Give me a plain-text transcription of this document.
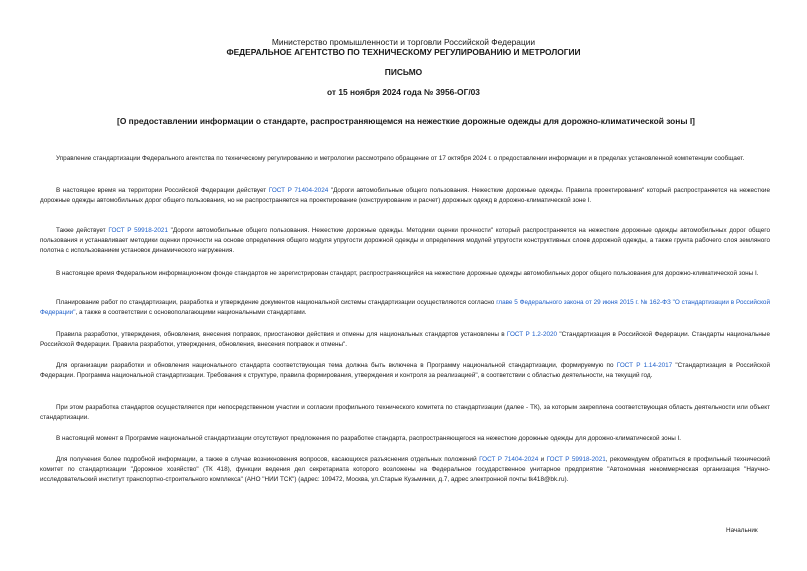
Министерство промышленности и торговли Российской Федерации
ФЕДЕРАЛЬНОЕ АГЕНТСТВО ПО ТЕХНИЧЕСКОМУ РЕГУЛИРОВАНИЮ И МЕТРОЛОГИИ
ПИСЬМО
от 15 ноября 2024 года № 3956-ОГ/03
[О предоставлении информации о стандарте, распространяющемся на нежесткие дорожные одежды для дорожно-климатической зоны I]
Управление стандартизации Федерального агентства по техническому регулированию и метрологии рассмотрело обращение от 17 октября 2024 г. о предоставлении информации и в пределах установленной компетенции сообщает.
В настоящее время на территории Российской Федерации действует ГОСТ Р 71404-2024 "Дороги автомобильные общего пользования. Нежесткие дорожные одежды. Правила проектирования" который распространяется на нежесткие дорожные одежды автомобильных дорог общего пользования, но не распространяется на проектирование (конструирование и расчет) дорожных одежд в дорожно-климатической зоне I.
Также действует ГОСТ Р 59918-2021 "Дороги автомобильные общего пользования. Нежесткие дорожные одежды. Методики оценки прочности" который распространяется на нежесткие дорожные одежды автомобильных дорог общего пользования и устанавливает методики оценки прочности на основе определения общего модуля упругости дорожной одежды и определения модулей упругости конструктивных слоев дорожной одежды, а также грунта рабочего слоя земляного полотна с использованием установок динамического нагружения.
В настоящее время Федеральном информационном фонде стандартов не зарегистрирован стандарт, распространяющийся на нежесткие дорожные одежды автомобильных дорог общего пользования для дорожно-климатической зоны I.
Планирование работ по стандартизации, разработка и утверждение документов национальной системы стандартизации осуществляются согласно главе 5 Федерального закона от 29 июня 2015 г. № 162-ФЗ "О стандартизации в Российской Федерации", а также в соответствии с основополагающими национальными стандартами.
Правила разработки, утверждения, обновления, внесения поправок, приостановки действия и отмены для национальных стандартов установлены в ГОСТ Р 1.2-2020 "Стандартизация в Российской Федерации. Стандарты национальные Российской Федерации. Правила разработки, утверждения, обновления, внесения поправок и отмены".
Для организации разработки и обновления национального стандарта соответствующая тема должна быть включена в Программу национальной стандартизации, формируемую по ГОСТ Р 1.14-2017 "Стандартизация в Российской Федерации. Программа национальной стандартизации. Требования к структуре, правила формирования, утверждения и контроля за реализацией", в соответствии с областью деятельности, на текущий год.
При этом разработка стандартов осуществляется при непосредственном участии и согласии профильного технического комитета по стандартизации (далее - ТК), за которым закреплена соответствующая область деятельности или объект стандартизации.
В настоящий момент в Программе национальной стандартизации отсутствуют предложения по разработке стандарта, распространяющегося на нежесткие дорожные одежды для дорожно-климатической зоны I.
Для получения более подробной информации, а также в случае возникновения вопросов, касающихся разъяснения отдельных положений ГОСТ Р 71404-2024 и ГОСТ Р 59918-2021, рекомендуем обратиться в профильный технический комитет по стандартизации "Дорожное хозяйство" (ТК 418), функции ведения дел секретариата которого возложены на Федеральное государственное унитарное предприятие "Автономная некоммерческая организация "Научно-исследовательский институт транспортно-строительного комплекса" (АНО "НИИ ТСК") (адрес: 109472, Москва, ул.Старые Кузьминки, д.7, адрес электронной почты tk418@bk.ru).
Начальник
